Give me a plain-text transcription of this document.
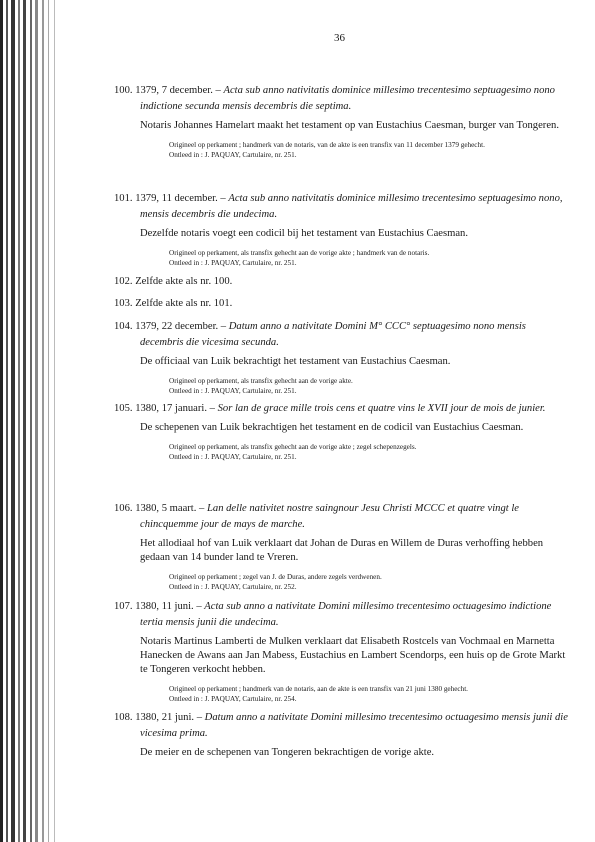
36
100. 1379, 7 december. – Acta sub anno nativitatis dominice millesimo trecentesimo septuagesimo nono indictione secunda mensis decembris die septima.
Notaris Johannes Hamelart maakt het testament op van Eustachius Caesman, burger van Tongeren.
Origineel op perkament ; handmerk van de notaris, van de akte is een transfix van 11 december 1379 gehecht.
Ontleed in : J. PAQUAY, Cartulaire, nr. 251.
101. 1379, 11 december. – Acta sub anno nativitatis dominice millesimo trecentesimo septuagesimo nono, mensis decembris die undecima.
Dezelfde notaris voegt een codicil bij het testament van Eustachius Caesman.
Origineel op perkament, als transfix gehecht aan de vorige akte ; handmerk van de notaris.
Ontleed in : J. PAQUAY, Cartulaire, nr. 251.
102. Zelfde akte als nr. 100.
103. Zelfde akte als nr. 101.
104. 1379, 22 december. – Datum anno a nativitate Domini M° CCC° septuagesimo nono mensis decembris die vicesima secunda.
De officiaal van Luik bekrachtigt het testament van Eustachius Caesman.
Origineel op perkament, als transfix gehecht aan de vorige akte.
Ontleed in : J. PAQUAY, Cartulaire, nr. 251.
105. 1380, 17 januari. – Sor lan de grace mille trois cens et quatre vins le XVII jour de mois de junier.
De schepenen van Luik bekrachtigen het testament en de codicil van Eustachius Caesman.
Origineel op perkament, als transfix gehecht aan de vorige akte ; zegel schepenzegels.
Ontleed in : J. PAQUAY, Cartulaire, nr. 251.
106. 1380, 5 maart. – Lan delle nativitet nostre saingnour Jesu Christi MCCC et quatre vingt le chincquemme jour de mays de marche.
Het allodiaal hof van Luik verklaart dat Johan de Duras en Willem de Duras verhoffing hebben gedaan van 14 bunder land te Vreren.
Origineel op perkament ; zegel van J. de Duras, andere zegels verdwenen.
Ontleed in : J. PAQUAY, Cartulaire, nr. 252.
107. 1380, 11 juni. – Acta sub anno a nativitate Domini millesimo trecentesimo octuagesimo indictione tertia mensis junii die undecima.
Notaris Martinus Lamberti de Mulken verklaart dat Elisabeth Rostcels van Vochmaal en Marnetta Hanecken de Awans aan Jan Mabess, Eustachius en Lambert Scendorps, een huis op de Grote Markt te Tongeren verkocht hebben.
Origineel op perkament ; handmerk van de notaris, aan de akte is een transfix van 21 juni 1380 gehecht.
Ontleed in : J. PAQUAY, Cartulaire, nr. 254.
108. 1380, 21 juni. – Datum anno a nativitate Domini millesimo trecentesimo octuagesimo mensis junii die vicesima prima.
De meier en de schepenen van Tongeren bekrachtigen de vorige akte.
